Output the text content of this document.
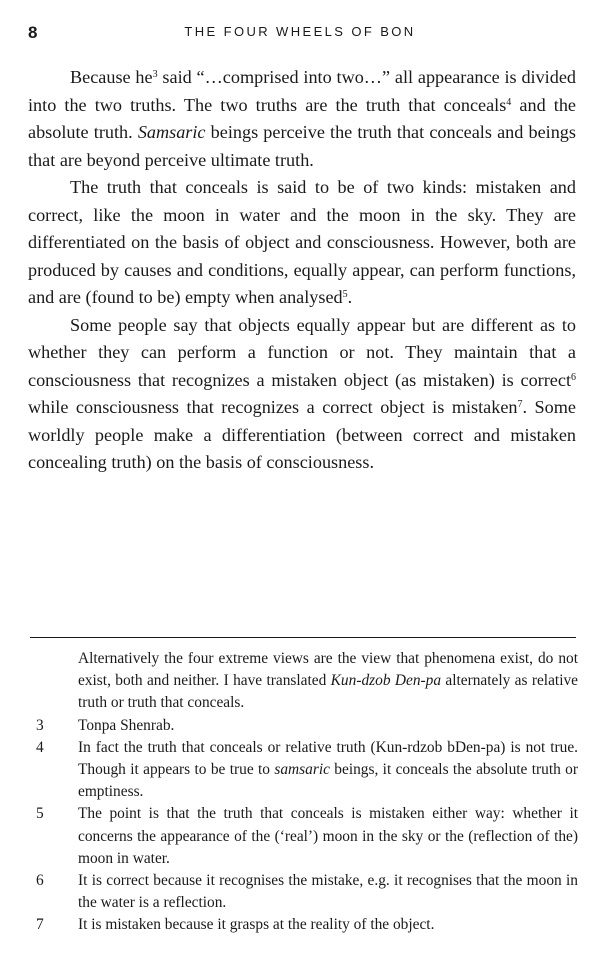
8	THE FOUR WHEELS OF BON

Because $he^3$ said “…comprised into two…” all appearance is divided into the two truths. The two truths are the truth that conceals$^4$ and the absolute truth. Samsaric beings perceive the truth that conceals and beings that are beyond perceive ultimate truth.

The truth that conceals is said to be of two kinds: mistaken and correct, like the moon in water and the moon in the sky. They are differentiated on the basis of object and consciousness. However, both are produced by causes and conditions, equally appear, can perform functions, and are (found to be) empty when analysed$^5$.

Some people say that objects equally appear but are different as to whether they can perform a function or not. They maintain that a consciousness that recognizes a mistaken object (as mistaken) is correct$^6$ while consciousness that recognizes a correct object is mistaken$^7$. Some worldly people make a differentiation (between correct and mistaken concealing truth) on the basis of consciousness.

Alternatively the four extreme views are the view that phenomena exist, do not exist, both and neither. I have translated Kun-dzob Den-pa alternately as relative truth or truth that conceals.
3	Tonpa Shenrab.
4	In fact the truth that conceals or relative truth (Kun-rdzob bDen-pa) is not true. Though it appears to be true to samsaric beings, it conceals the absolute truth or emptiness.
5	The point is that the truth that conceals is mistaken either way: whether it concerns the appearance of the (‘real’) moon in the sky or the (reflection of the) moon in water.
6	It is correct because it recognises the mistake, e.g. it recognises that the moon in the water is a reflection.
7	It is mistaken because it grasps at the reality of the object.
